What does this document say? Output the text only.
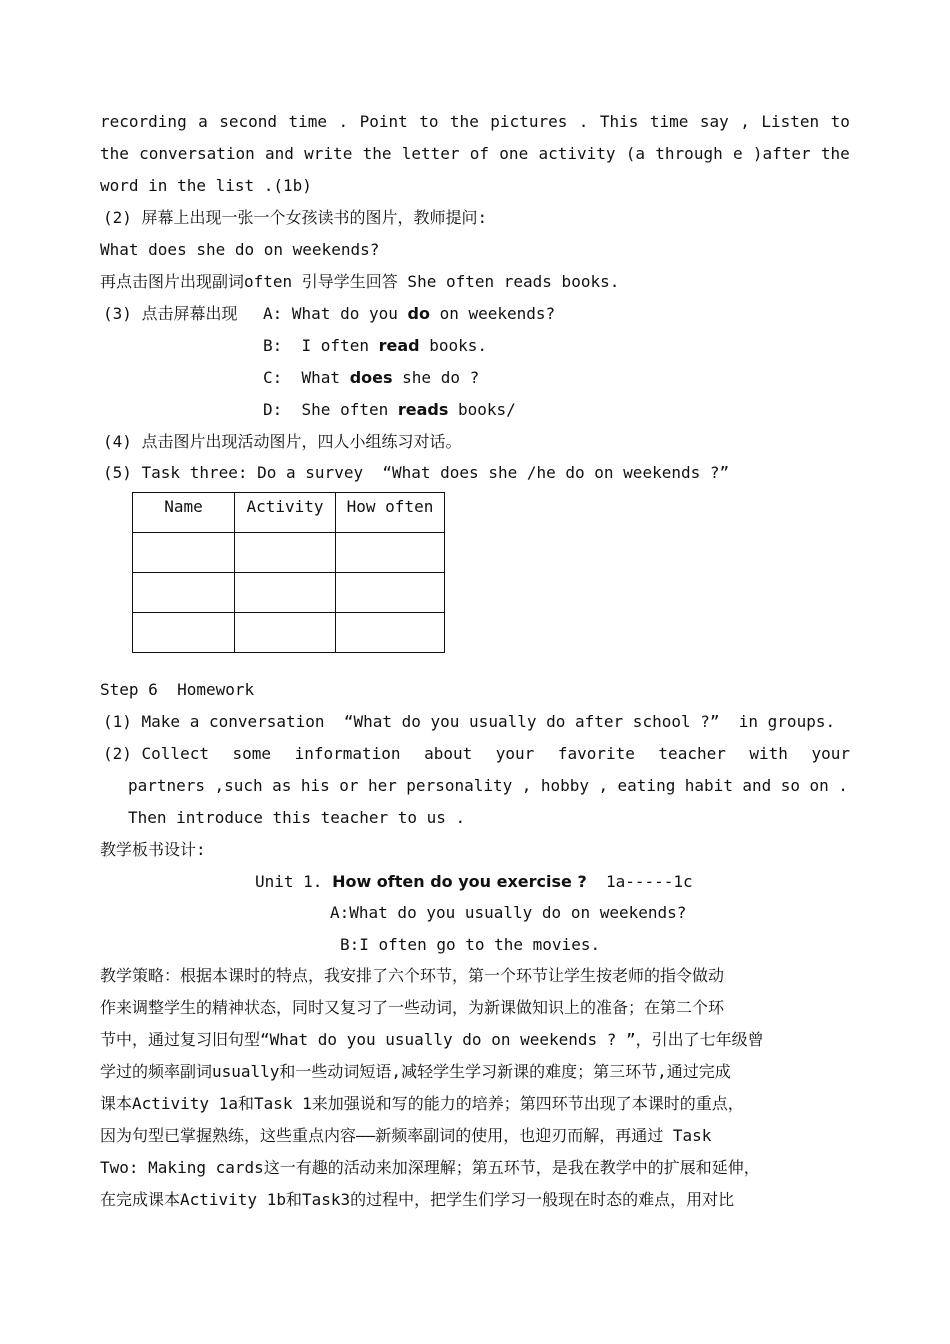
recording a second time . Point to the pictures . This time say , Listen to
the conversation and write the letter of one activity (a through e )after the
word in the list .(1b)
(2) 屏幕上出现一张一个女孩读书的图片，教师提问:
What does she do on weekends?
再点击图片出现副词often 引导学生回答 She often reads books.
(3) 点击屏幕出现 A: What do you do on weekends?
B: I often read books.
C: What does she do ?
D: She often reads books/
(4) 点击图片出现活动图片，四人小组练习对话。
(5) Task three: Do a survey  “What does she /he do on weekends ?”
Name	Activity	How often

Step 6  Homework
(1) Make a conversation  “What do you usually do after school ?”  in groups.
(2) Collect some information about your favorite teacher with your
partners ,such as his or her personality , hobby , eating habit and so on .
Then introduce this teacher to us .
教学板书设计:
Unit 1. How often do you exercise ?  1a-----1c
A:What do you usually do on weekends?
B:I often go to the movies.
教学策略：根据本课时的特点，我安排了六个环节，第一个环节让学生按老师的指令做动
作来调整学生的精神状态，同时又复习了一些动词，为新课做知识上的准备；在第二个环
节中，通过复习旧句型“What do you usually do on weekends ? ”，引出了七年级曾
学过的频率副词usually和一些动词短语,减轻学生学习新课的难度；第三环节,通过完成
课本Activity 1a和Task 1来加强说和写的能力的培养；第四环节出现了本课时的重点，
因为句型已掌握熟练，这些重点内容——新频率副词的使用，也迎刃而解，再通过 Task
Two: Making cards这一有趣的活动来加深理解；第五环节，是我在教学中的扩展和延伸，
在完成课本Activity 1b和Task3的过程中，把学生们学习一般现在时态的难点，用对比
